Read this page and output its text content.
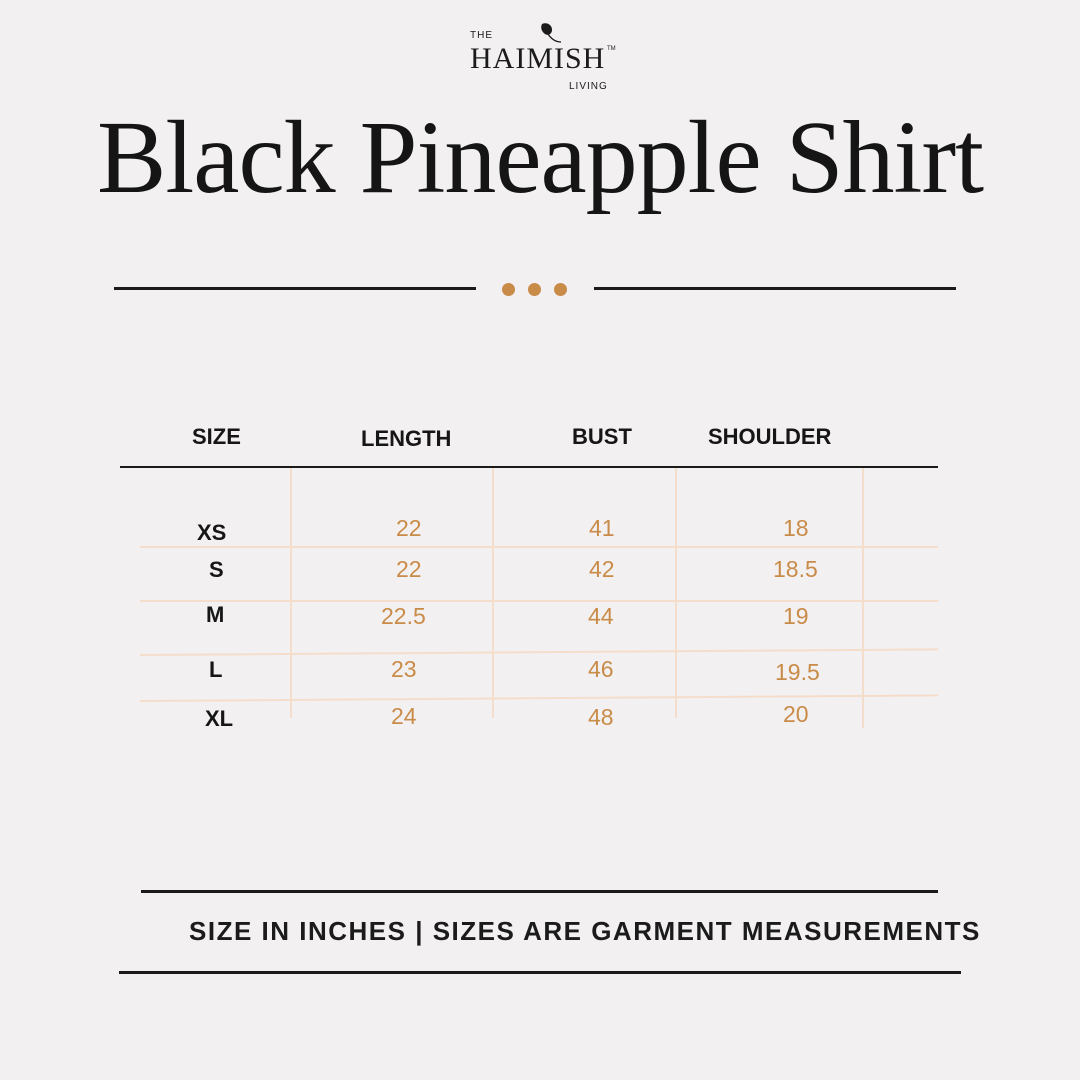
THE
HAIMISH TM
LIVING
Black Pineapple Shirt
SIZE	LENGTH	BUST	SHOULDER
XS	22	41	18
S	22	42	18.5
M	22.5	44	19
L	23	46	19.5
XL	24	48	20
SIZE IN INCHES | SIZES ARE GARMENT MEASUREMENTS
